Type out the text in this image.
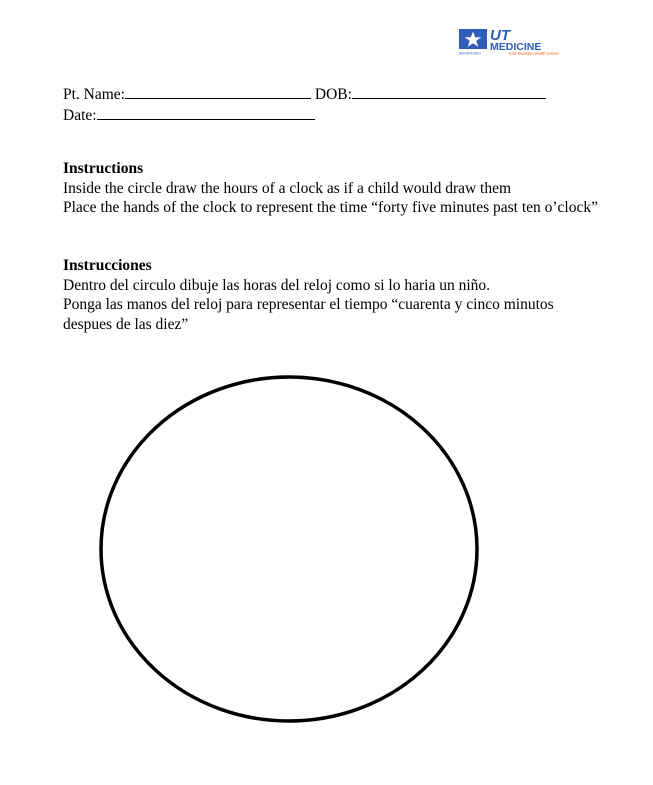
UT
MEDICINE
SAN ANTONIO	Kim Sweetie Health Center
Pt. Name:	DOB:
Date:
Instructions

Inside the circle draw the hours of a clock as if a child would draw them

Place the hands of the clock to represent the time “forty five minutes past ten o’clock”

Instrucciones

Dentro del circulo dibuje las horas del reloj como si lo haria un niño.

Ponga las manos del reloj para representar el tiempo “cuarenta y cinco minutos despues de las diez”
